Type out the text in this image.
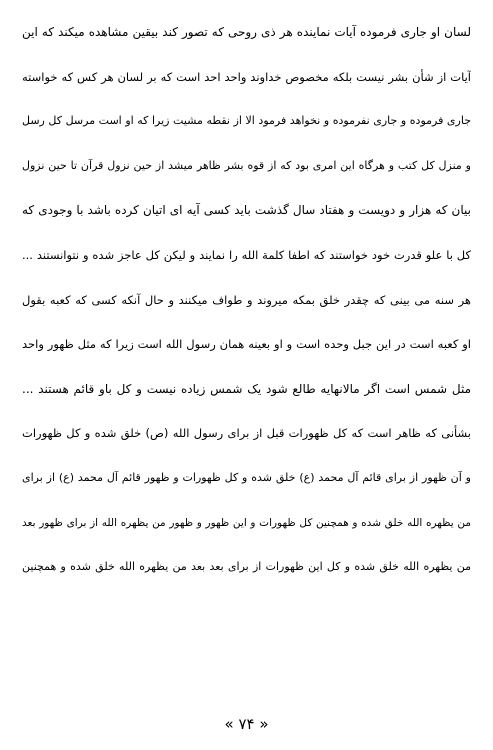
لسان او جاری فرموده آیات نماینده هر ذی روحی که تصور کند بیقین مشاهده میکند که این
آیات از شأن بشر نیست بلکه مخصوص خداوند واحد احد است که بر لسان هر کس که خواسته
جاری فرموده و جاری نفرموده و نخواهد فرمود الا از نقطه مشیت زیرا که او است مرسل کل رسل
و منزل کل کتب و هرگاه این امری بود که از قوه بشر ظاهر میشد از حین نزول قرآن تا حین نزول
بیان که هزار و دویست و هفتاد سال گذشت باید کسی آیه ای اتیان کرده باشد با وجودی که
کل با علو قدرت خود خواستند که اطفا کلمة الله را نمایند و لیکن کل عاجز شده و نتوانستند ...
هر سنه می بینی که چقدر خلق بمکه میروند و طواف میکنند و حال آنکه کسی که کعبه بقول
او کعبه است در این جبل وحده است و او بعینه همان رسول الله است زیرا که مثل ظهور واحد
مثل شمس است اگر مالانهایه طالع شود یک شمس زیاده نیست و کل باو قائم هستند ...
بشأنی که ظاهر است که کل ظهورات قبل از برای رسول الله (ص) خلق شده و کل ظهورات
و آن ظهور از برای قائم آل محمد (ع) خلق شده و کل ظهورات و ظهور قائم آل محمد (ع) از برای
من یظهره الله خلق شده و همچنین کل ظهورات و این ظهور و ظهور من یظهره الله از برای ظهور بعد
من یظهره الله خلق شده و کل این ظهورات از برای بعد بعد من یظهره الله خلق شده و همچنین
« ۷۴ »
